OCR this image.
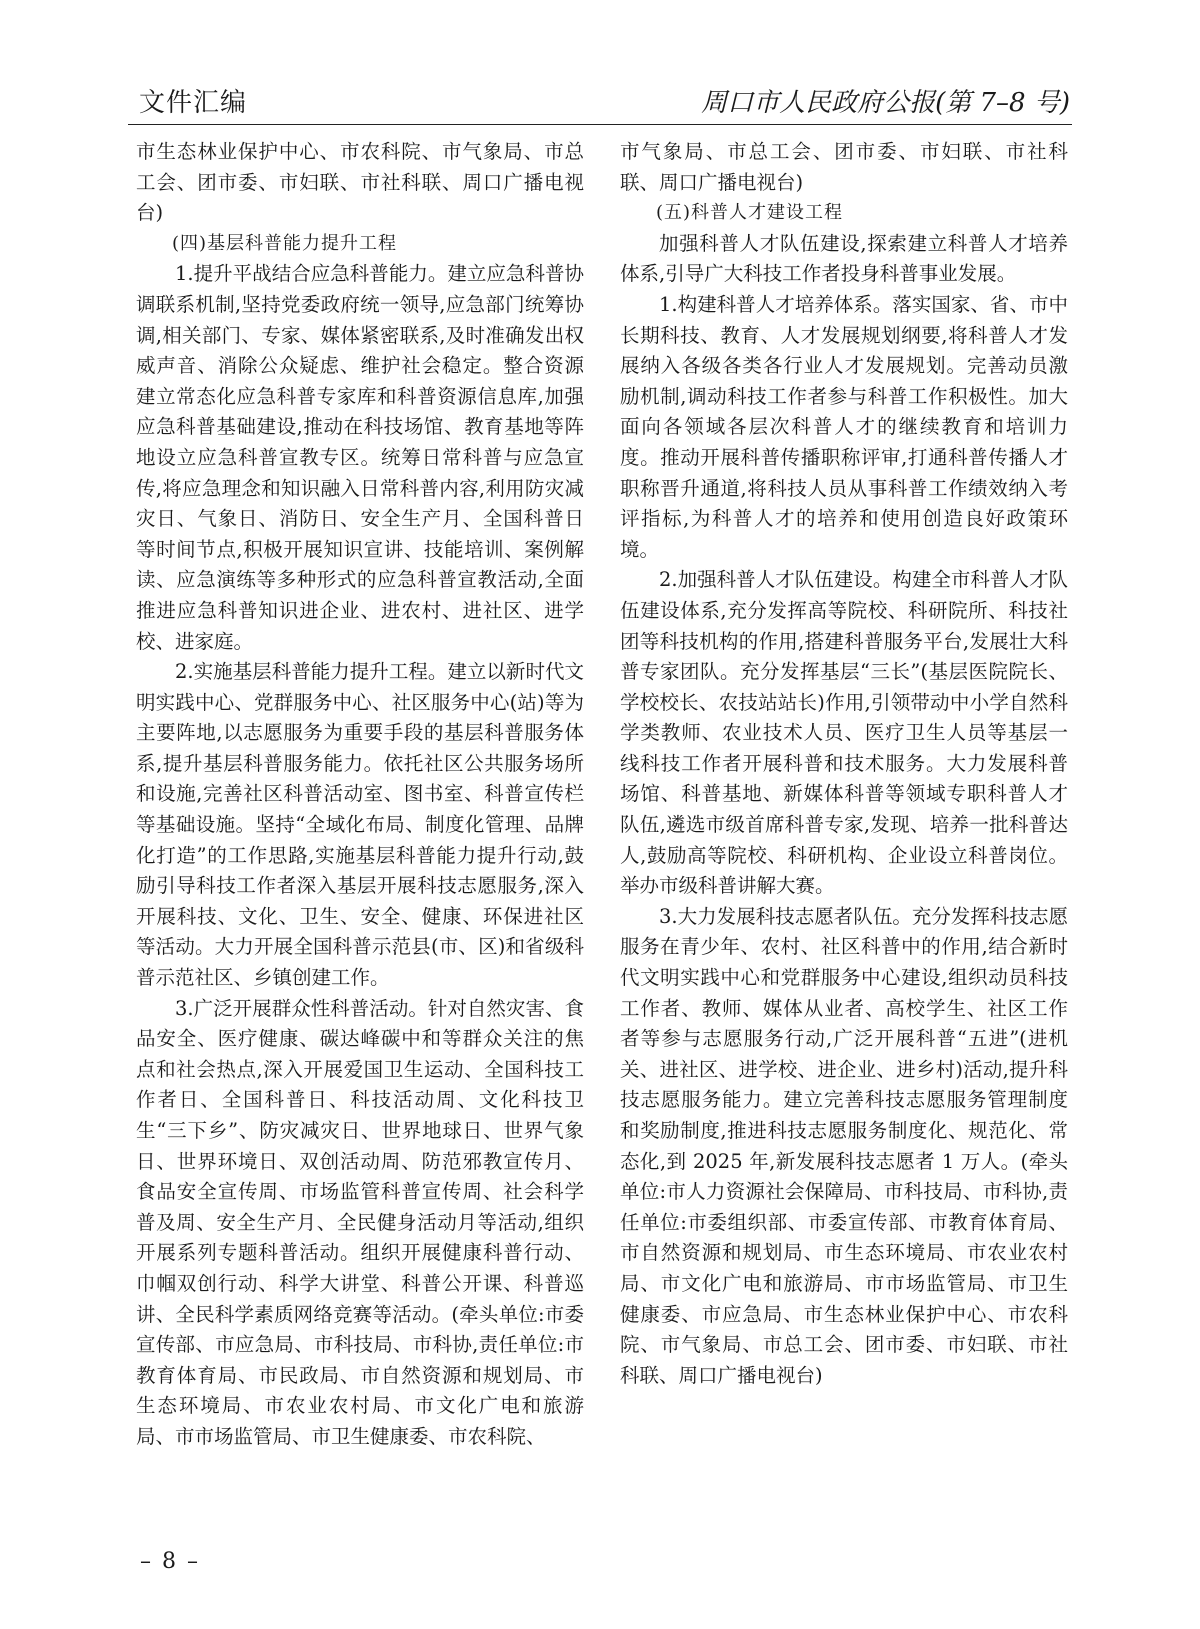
文件汇编	周口市人民政府公报(第 7–8 号)

市生态林业保护中心、市农科院、市气象局、市总工会、团市委、市妇联、市社科联、周口广播电视台)

(四)基层科普能力提升工程

1.提升平战结合应急科普能力。建立应急科普协调联系机制,坚持党委政府统一领导,应急部门统筹协调,相关部门、专家、媒体紧密联系,及时准确发出权威声音、消除公众疑虑、维护社会稳定。整合资源建立常态化应急科普专家库和科普资源信息库,加强应急科普基础建设,推动在科技场馆、教育基地等阵地设立应急科普宣教专区。统筹日常科普与应急宣传,将应急理念和知识融入日常科普内容,利用防灾减灾日、气象日、消防日、安全生产月、全国科普日等时间节点,积极开展知识宣讲、技能培训、案例解读、应急演练等多种形式的应急科普宣教活动,全面推进应急科普知识进企业、进农村、进社区、进学校、进家庭。

2.实施基层科普能力提升工程。建立以新时代文明实践中心、党群服务中心、社区服务中心(站)等为主要阵地,以志愿服务为重要手段的基层科普服务体系,提升基层科普服务能力。依托社区公共服务场所和设施,完善社区科普活动室、图书室、科普宣传栏等基础设施。坚持“全域化布局、制度化管理、品牌化打造”的工作思路,实施基层科普能力提升行动,鼓励引导科技工作者深入基层开展科技志愿服务,深入开展科技、文化、卫生、安全、健康、环保进社区等活动。大力开展全国科普示范县(市、区)和省级科普示范社区、乡镇创建工作。

3.广泛开展群众性科普活动。针对自然灾害、食品安全、医疗健康、碳达峰碳中和等群众关注的焦点和社会热点,深入开展爱国卫生运动、全国科技工作者日、全国科普日、科技活动周、文化科技卫生“三下乡”、防灾减灾日、世界地球日、世界气象日、世界环境日、双创活动周、防范邪教宣传月、食品安全宣传周、市场监管科普宣传周、社会科学普及周、安全生产月、全民健身活动月等活动,组织开展系列专题科普活动。组织开展健康科普行动、巾帼双创行动、科学大讲堂、科普公开课、科普巡讲、全民科学素质网络竞赛等活动。(牵头单位:市委宣传部、市应急局、市科技局、市科协,责任单位:市教育体育局、市民政局、市自然资源和规划局、市生态环境局、市农业农村局、市文化广电和旅游局、市市场监管局、市卫生健康委、市农科院、

市气象局、市总工会、团市委、市妇联、市社科联、周口广播电视台)

(五)科普人才建设工程

加强科普人才队伍建设,探索建立科普人才培养体系,引导广大科技工作者投身科普事业发展。

1.构建科普人才培养体系。落实国家、省、市中长期科技、教育、人才发展规划纲要,将科普人才发展纳入各级各类各行业人才发展规划。完善动员激励机制,调动科技工作者参与科普工作积极性。加大面向各领域各层次科普人才的继续教育和培训力度。推动开展科普传播职称评审,打通科普传播人才职称晋升通道,将科技人员从事科普工作绩效纳入考评指标,为科普人才的培养和使用创造良好政策环境。

2.加强科普人才队伍建设。构建全市科普人才队伍建设体系,充分发挥高等院校、科研院所、科技社团等科技机构的作用,搭建科普服务平台,发展壮大科普专家团队。充分发挥基层“三长”(基层医院院长、学校校长、农技站站长)作用,引领带动中小学自然科学类教师、农业技术人员、医疗卫生人员等基层一线科技工作者开展科普和技术服务。大力发展科普场馆、科普基地、新媒体科普等领域专职科普人才队伍,遴选市级首席科普专家,发现、培养一批科普达人,鼓励高等院校、科研机构、企业设立科普岗位。举办市级科普讲解大赛。

3.大力发展科技志愿者队伍。充分发挥科技志愿服务在青少年、农村、社区科普中的作用,结合新时代文明实践中心和党群服务中心建设,组织动员科技工作者、教师、媒体从业者、高校学生、社区工作者等参与志愿服务行动,广泛开展科普“五进”(进机关、进社区、进学校、进企业、进乡村)活动,提升科技志愿服务能力。建立完善科技志愿服务管理制度和奖励制度,推进科技志愿服务制度化、规范化、常态化,到 2025 年,新发展科技志愿者 1 万人。(牵头单位:市人力资源社会保障局、市科技局、市科协,责任单位:市委组织部、市委宣传部、市教育体育局、市自然资源和规划局、市生态环境局、市农业农村局、市文化广电和旅游局、市市场监管局、市卫生健康委、市应急局、市生态林业保护中心、市农科院、市气象局、市总工会、团市委、市妇联、市社科联、周口广播电视台)

– 8 –
